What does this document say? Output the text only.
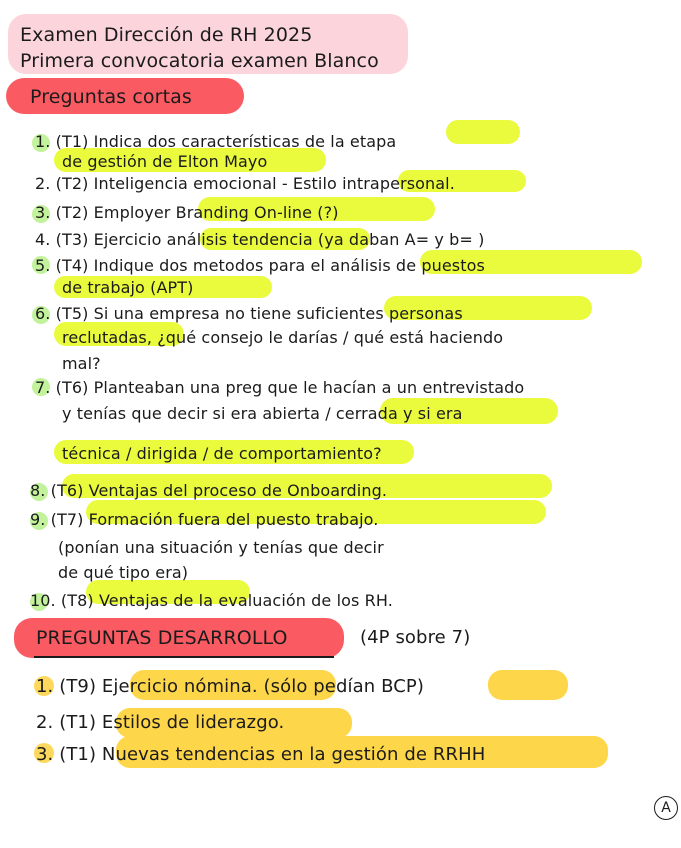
Examen Dirección de RH 2025
Primera convocatoria examen Blanco
Preguntas cortas
1. (T1) Indica dos características de la etapa
de gestión de Elton Mayo
2. (T2) Inteligencia emocional - Estilo intrapersonal.
3. (T2) Employer Branding On-line (?)
4. (T3) Ejercicio análisis tendencia (ya daban A= y b= )
5. (T4) Indique dos metodos para el análisis de puestos
de trabajo (APT)
6. (T5) Si una empresa no tiene suficientes personas
reclutadas, ¿qué consejo le darías / qué está haciendo
mal?
7. (T6) Planteaban una preg que le hacían a un entrevistado
y tenías que decir si era abierta / cerrada y si era
técnica / dirigida / de comportamiento?
8. (T6) Ventajas del proceso de Onboarding.
9. (T7) Formación fuera del puesto trabajo.
(ponían una situación y tenías que decir
de qué tipo era)
10. (T8) Ventajas de la evaluación de los RH.
PREGUNTAS DESARROLLO	(4P sobre 7)
1. (T9) Ejercicio nómina. (sólo pedían BCP)
2. (T1) Estilos de liderazgo.
3. (T1) Nuevas tendencias en la gestión de RRHH
A
